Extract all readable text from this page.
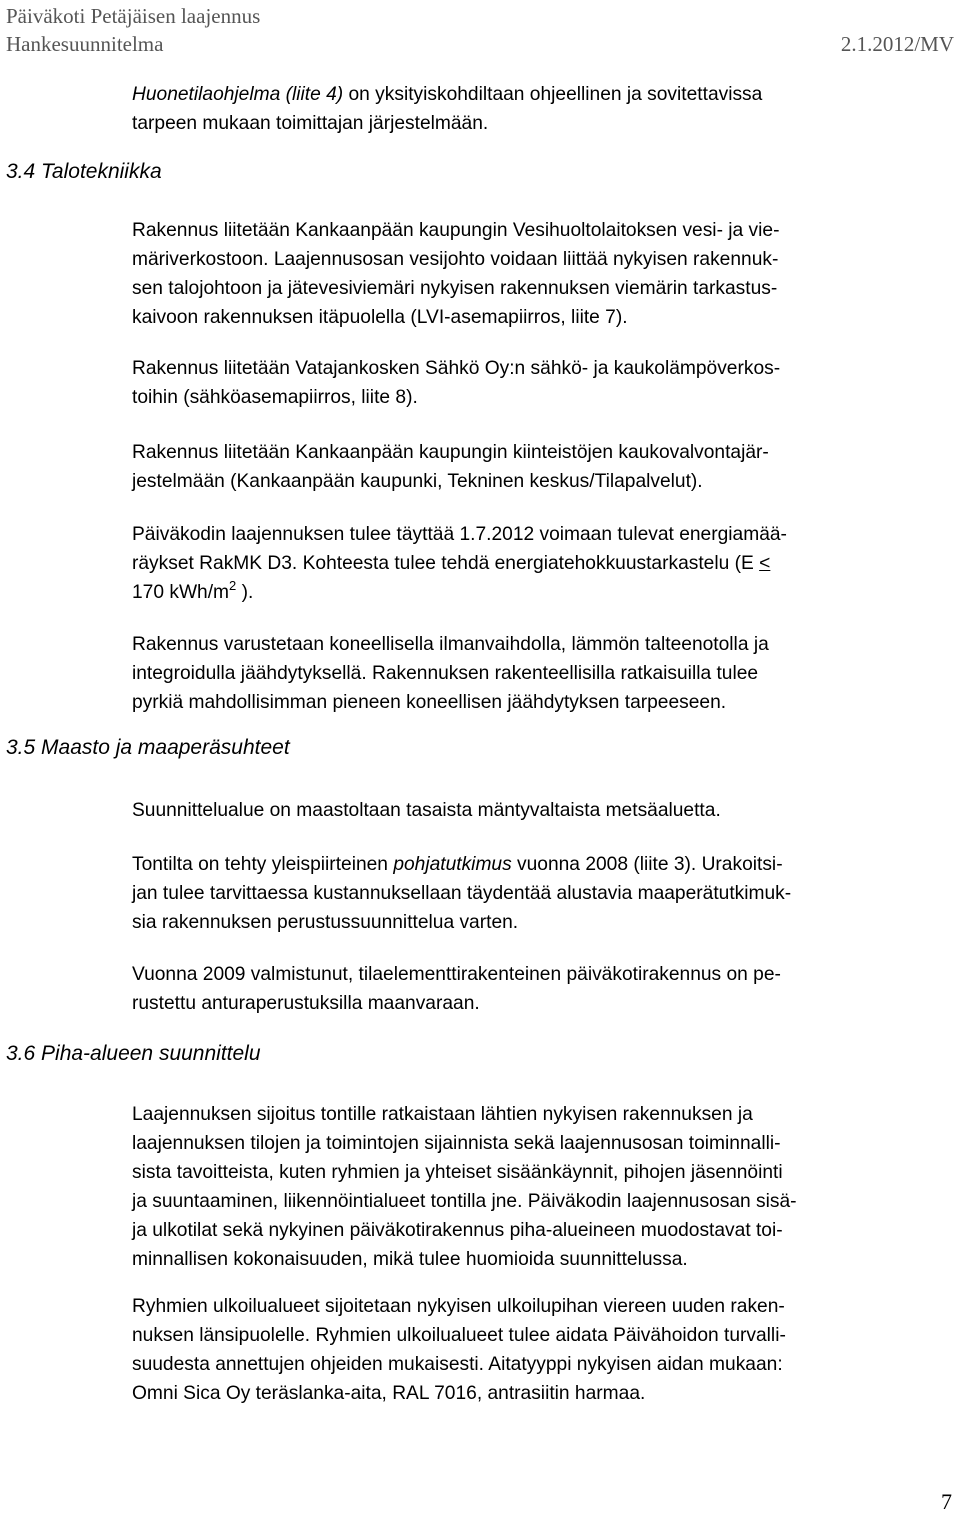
Päiväkoti Petäjäisen laajennus
Hankesuunnitelma	2.1.2012/MV
Huonetilaohjelma (liite 4) on yksityiskohdiltaan ohjeellinen ja sovitettavissa
tarpeen mukaan toimittajan järjestelmään.
3.4 Talotekniikka
Rakennus liitetään Kankaanpään kaupungin Vesihuoltolaitoksen vesi- ja vie-
märiverkostoon. Laajennusosan vesijohto voidaan liittää nykyisen rakennuk-
sen talojohtoon ja jätevesiviemäri nykyisen rakennuksen viemärin tarkastus-
kaivoon rakennuksen itäpuolella (LVI-asemapiirros, liite 7).
Rakennus liitetään Vatajankosken Sähkö Oy:n sähkö- ja kaukolämpöverkos-
toihin (sähköasemapiirros, liite 8).
Rakennus liitetään Kankaanpään kaupungin kiinteistöjen kaukovalvontajär-
jestelmään (Kankaanpään kaupunki, Tekninen keskus/Tilapalvelut).
Päiväkodin laajennuksen tulee täyttää 1.7.2012 voimaan tulevat energiamää-
räykset RakMK D3. Kohteesta tulee tehdä energiatehokkuustarkastelu (E <
170 kWh/$m^2$ ).
Rakennus varustetaan koneellisella ilmanvaihdolla, lämmön talteenotolla ja
integroidulla jäähdytyksellä. Rakennuksen rakenteellisilla ratkaisuilla tulee
pyrkiä mahdollisimman pieneen koneellisen jäähdytyksen tarpeeseen.
3.5 Maasto ja maaperäsuhteet
Suunnittelualue on maastoltaan tasaista mäntyvaltaista metsäaluetta.
Tontilta on tehty yleispiirteinen pohjatutkimus vuonna 2008 (liite 3). Urakoitsi-
jan tulee tarvittaessa kustannuksellaan täydentää alustavia maaperätutkimuk-
sia rakennuksen perustussuunnittelua varten.
Vuonna 2009 valmistunut, tilaelementtirakenteinen päiväkotirakennus on pe-
rustettu anturaperustuksilla maanvaraan.
3.6 Piha-alueen suunnittelu
Laajennuksen sijoitus tontille ratkaistaan lähtien nykyisen rakennuksen ja
laajennuksen tilojen ja toimintojen sijainnista sekä laajennusosan toiminnalli-
sista tavoitteista, kuten ryhmien ja yhteiset sisäänkäynnit, pihojen jäsennöinti
ja suuntaaminen, liikennöintialueet tontilla jne. Päiväkodin laajennusosan sisä-
ja ulkotilat sekä nykyinen päiväkotirakennus piha-alueineen muodostavat toi-
minnallisen kokonaisuuden, mikä tulee huomioida suunnittelussa.
Ryhmien ulkoilualueet sijoitetaan nykyisen ulkoilupihan viereen uuden raken-
nuksen länsipuolelle. Ryhmien ulkoilualueet tulee aidata Päivähoidon turvalli-
suudesta annettujen ohjeiden mukaisesti. Aitatyyppi nykyisen aidan mukaan:
Omni Sica Oy teräslanka-aita, RAL 7016, antrasiitin harmaa.
7
